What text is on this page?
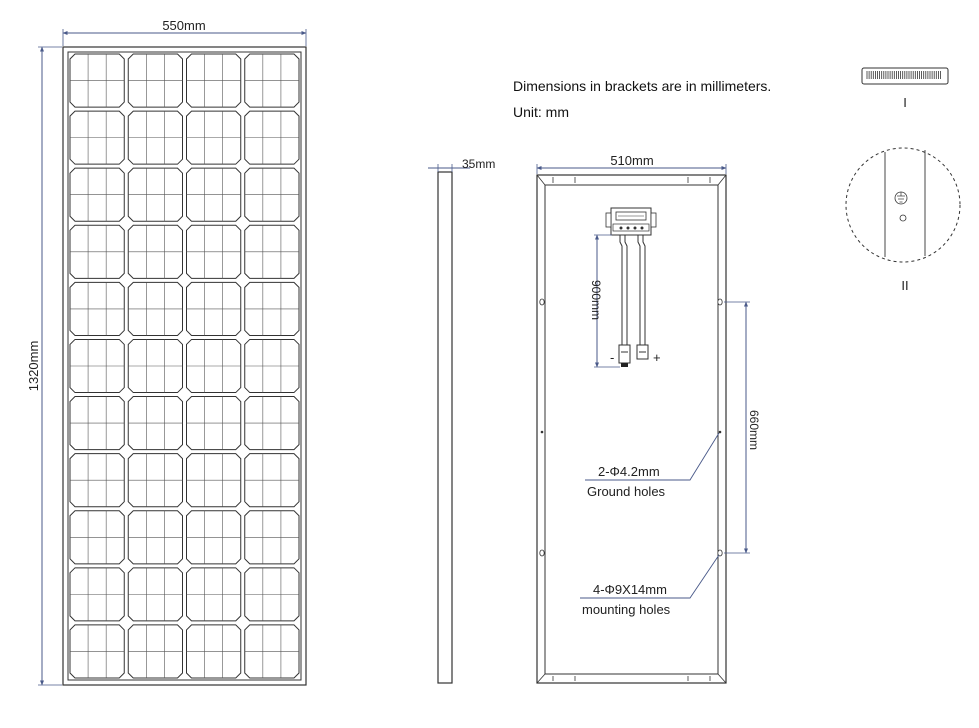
Dimensions in brackets are in millimeters.
Unit: mm
550mm
1320mm
35mm	510mm
-	+
900mm
660mm
2-Φ4.2mm
Ground holes
4-Φ9X14mm
mounting holes
I
II
